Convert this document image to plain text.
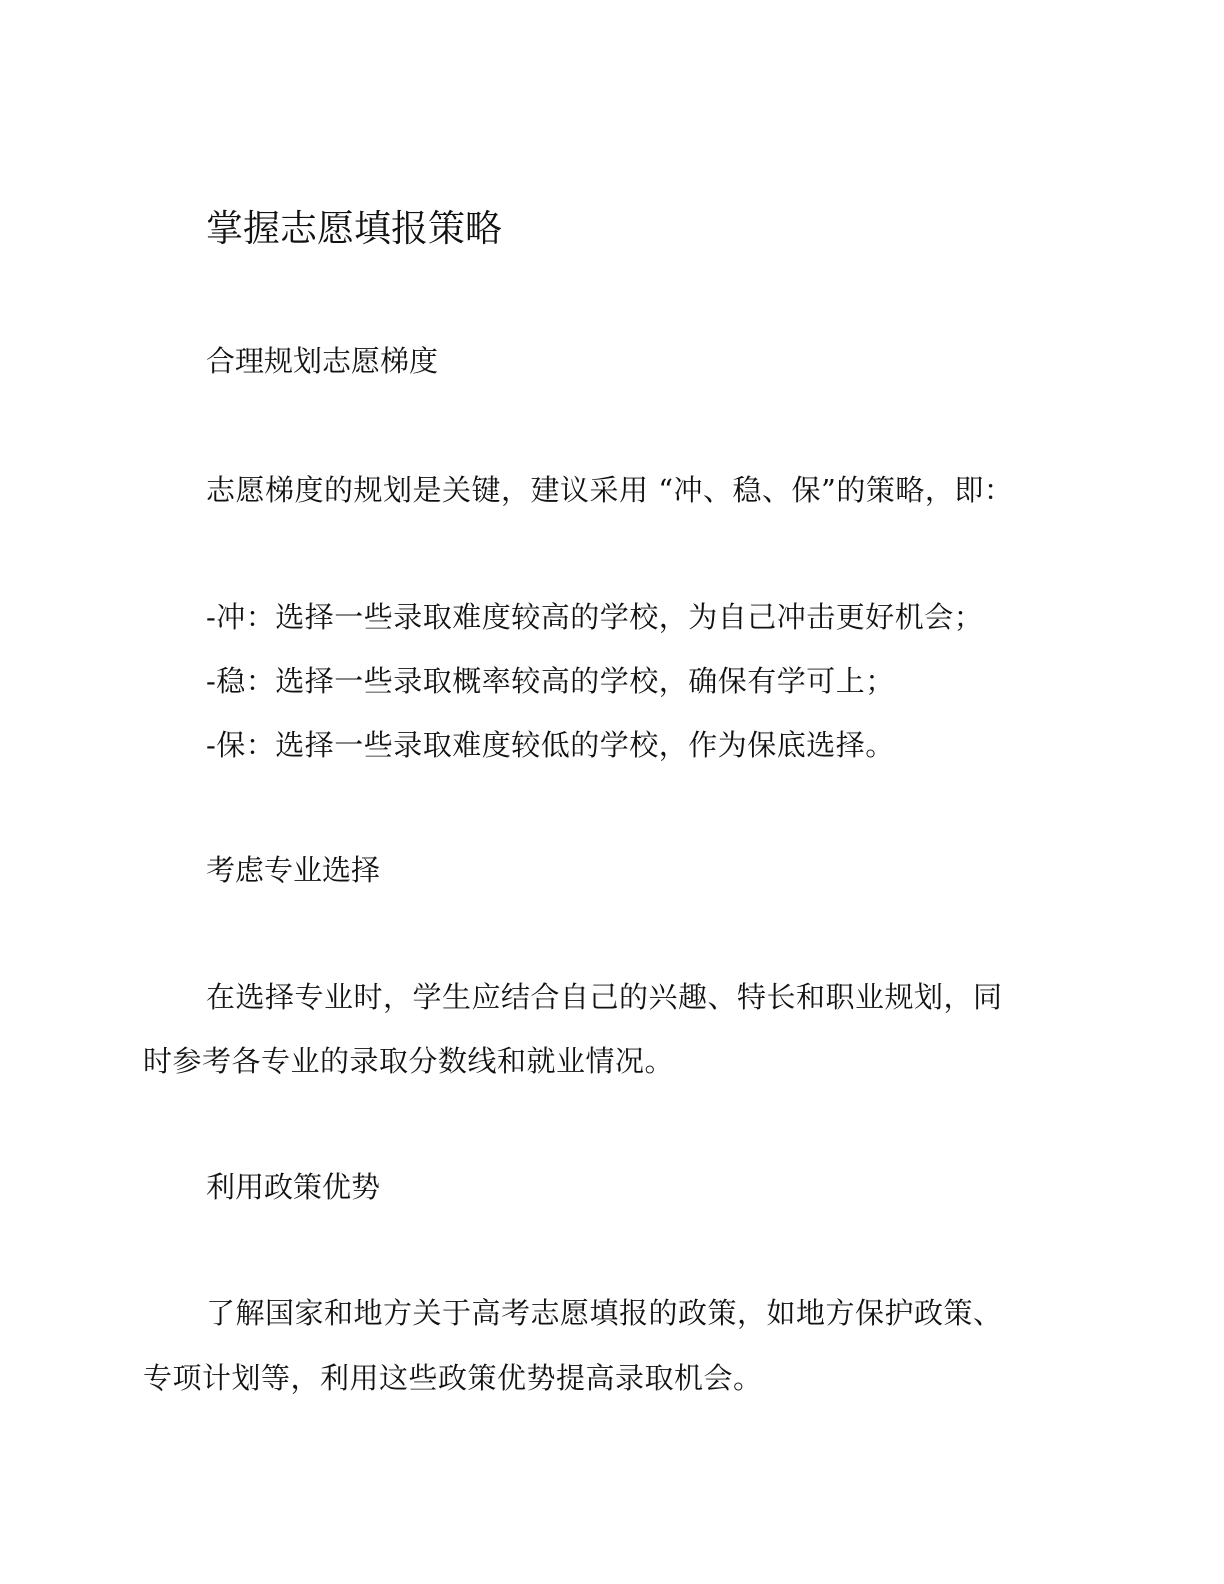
掌握志愿填报策略
合理规划志愿梯度
志愿梯度的规划是关键，建议采用 “冲、稳、保”的策略，即：
-冲：选择一些录取难度较高的学校，为自己冲击更好机会；
-稳：选择一些录取概率较高的学校，确保有学可上；
-保：选择一些录取难度较低的学校，作为保底选择。
考虑专业选择
在选择专业时，学生应结合自己的兴趣、特长和职业规划，同
时参考各专业的录取分数线和就业情况。
利用政策优势
了解国家和地方关于高考志愿填报的政策，如地方保护政策、
专项计划等，利用这些政策优势提高录取机会。
